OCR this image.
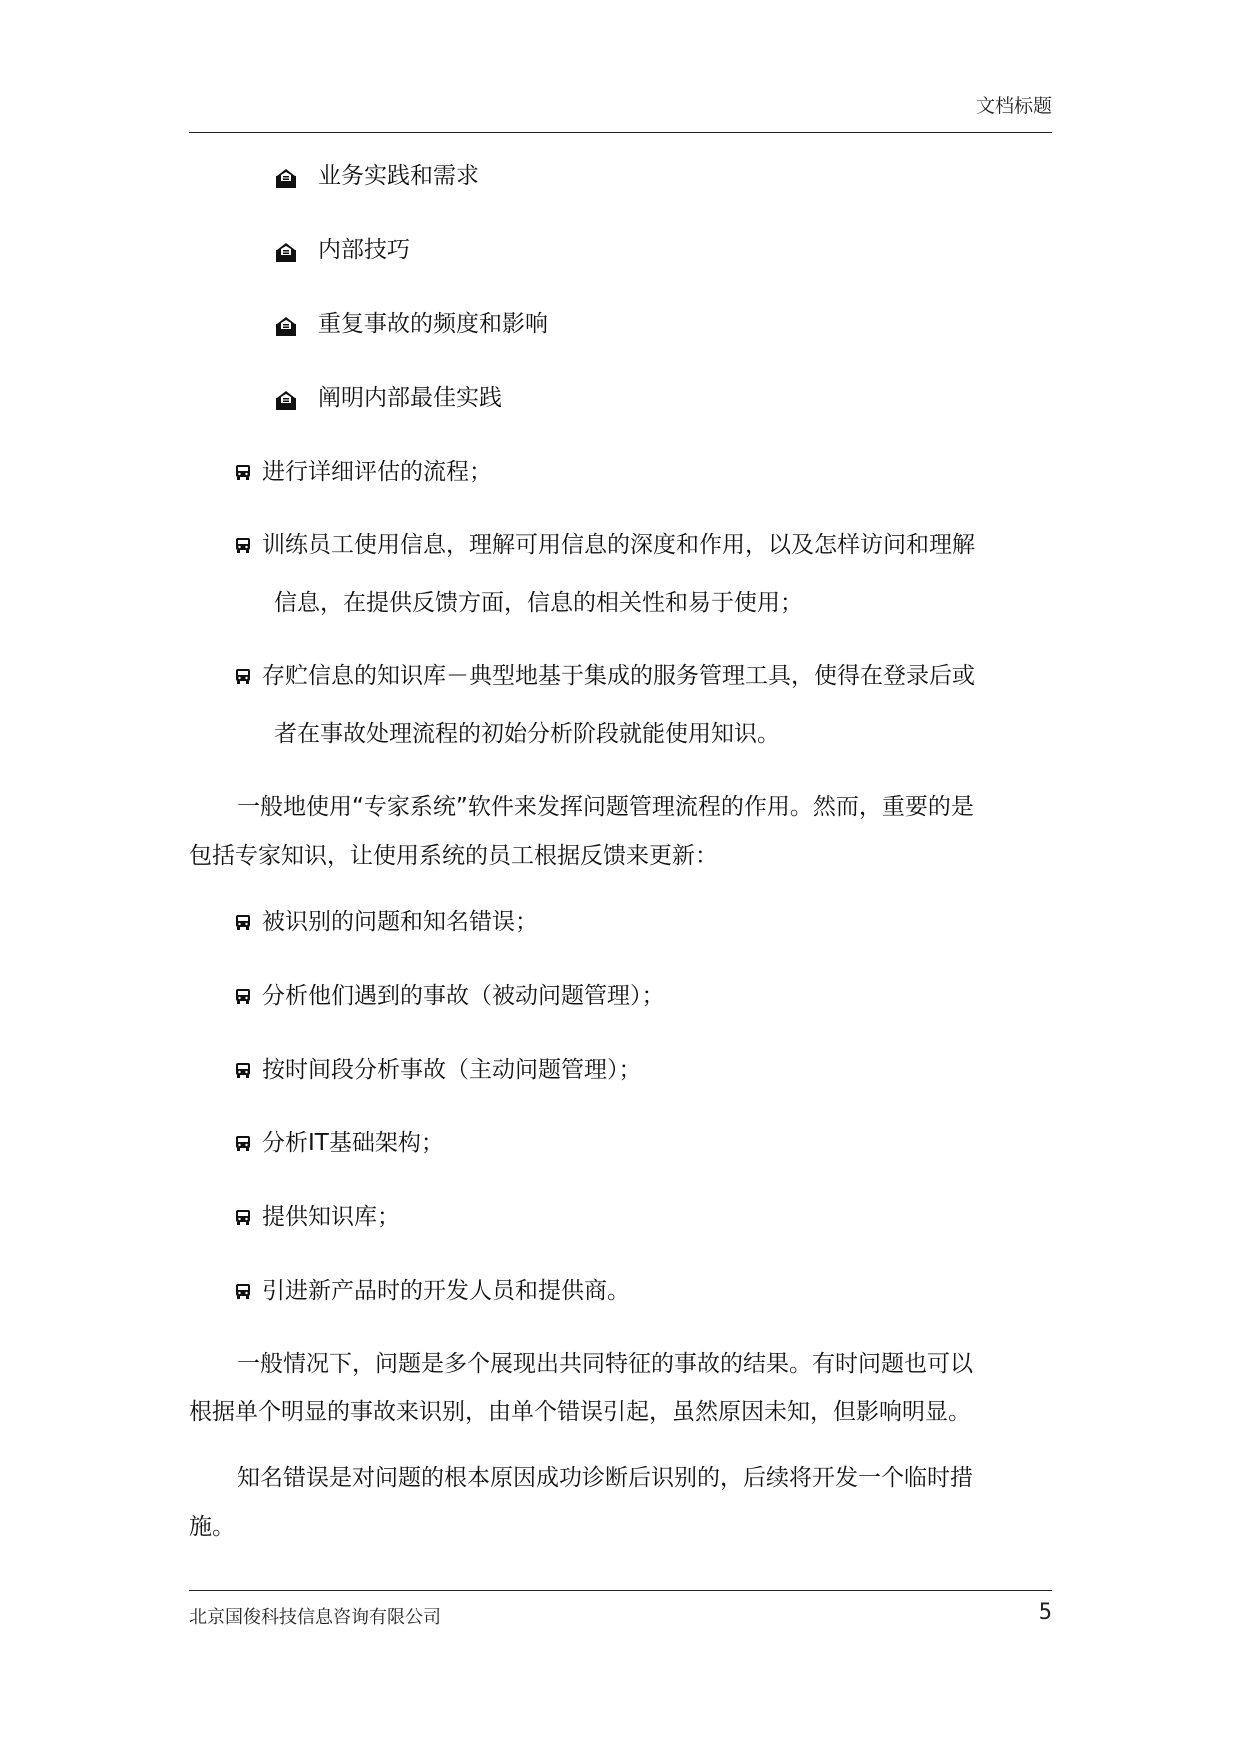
文档标题
业务实践和需求
内部技巧
重复事故的频度和影响
阐明内部最佳实践
进行详细评估的流程；
训练员工使用信息，理解可用信息的深度和作用，以及怎样访问和理解
信息，在提供反馈方面，信息的相关性和易于使用；
存贮信息的知识库－典型地基于集成的服务管理工具，使得在登录后或
者在事故处理流程的初始分析阶段就能使用知识。
一般地使用“专家系统”软件来发挥问题管理流程的作用。然而，重要的是
包括专家知识，让使用系统的员工根据反馈来更新：
被识别的问题和知名错误；
分析他们遇到的事故（被动问题管理）；
按时间段分析事故（主动问题管理）；
分析IT基础架构；
提供知识库；
引进新产品时的开发人员和提供商。
一般情况下，问题是多个展现出共同特征的事故的结果。有时问题也可以
根据单个明显的事故来识别，由单个错误引起，虽然原因未知，但影响明显。
知名错误是对问题的根本原因成功诊断后识别的，后续将开发一个临时措
施。
北京国俊科技信息咨询有限公司	5
